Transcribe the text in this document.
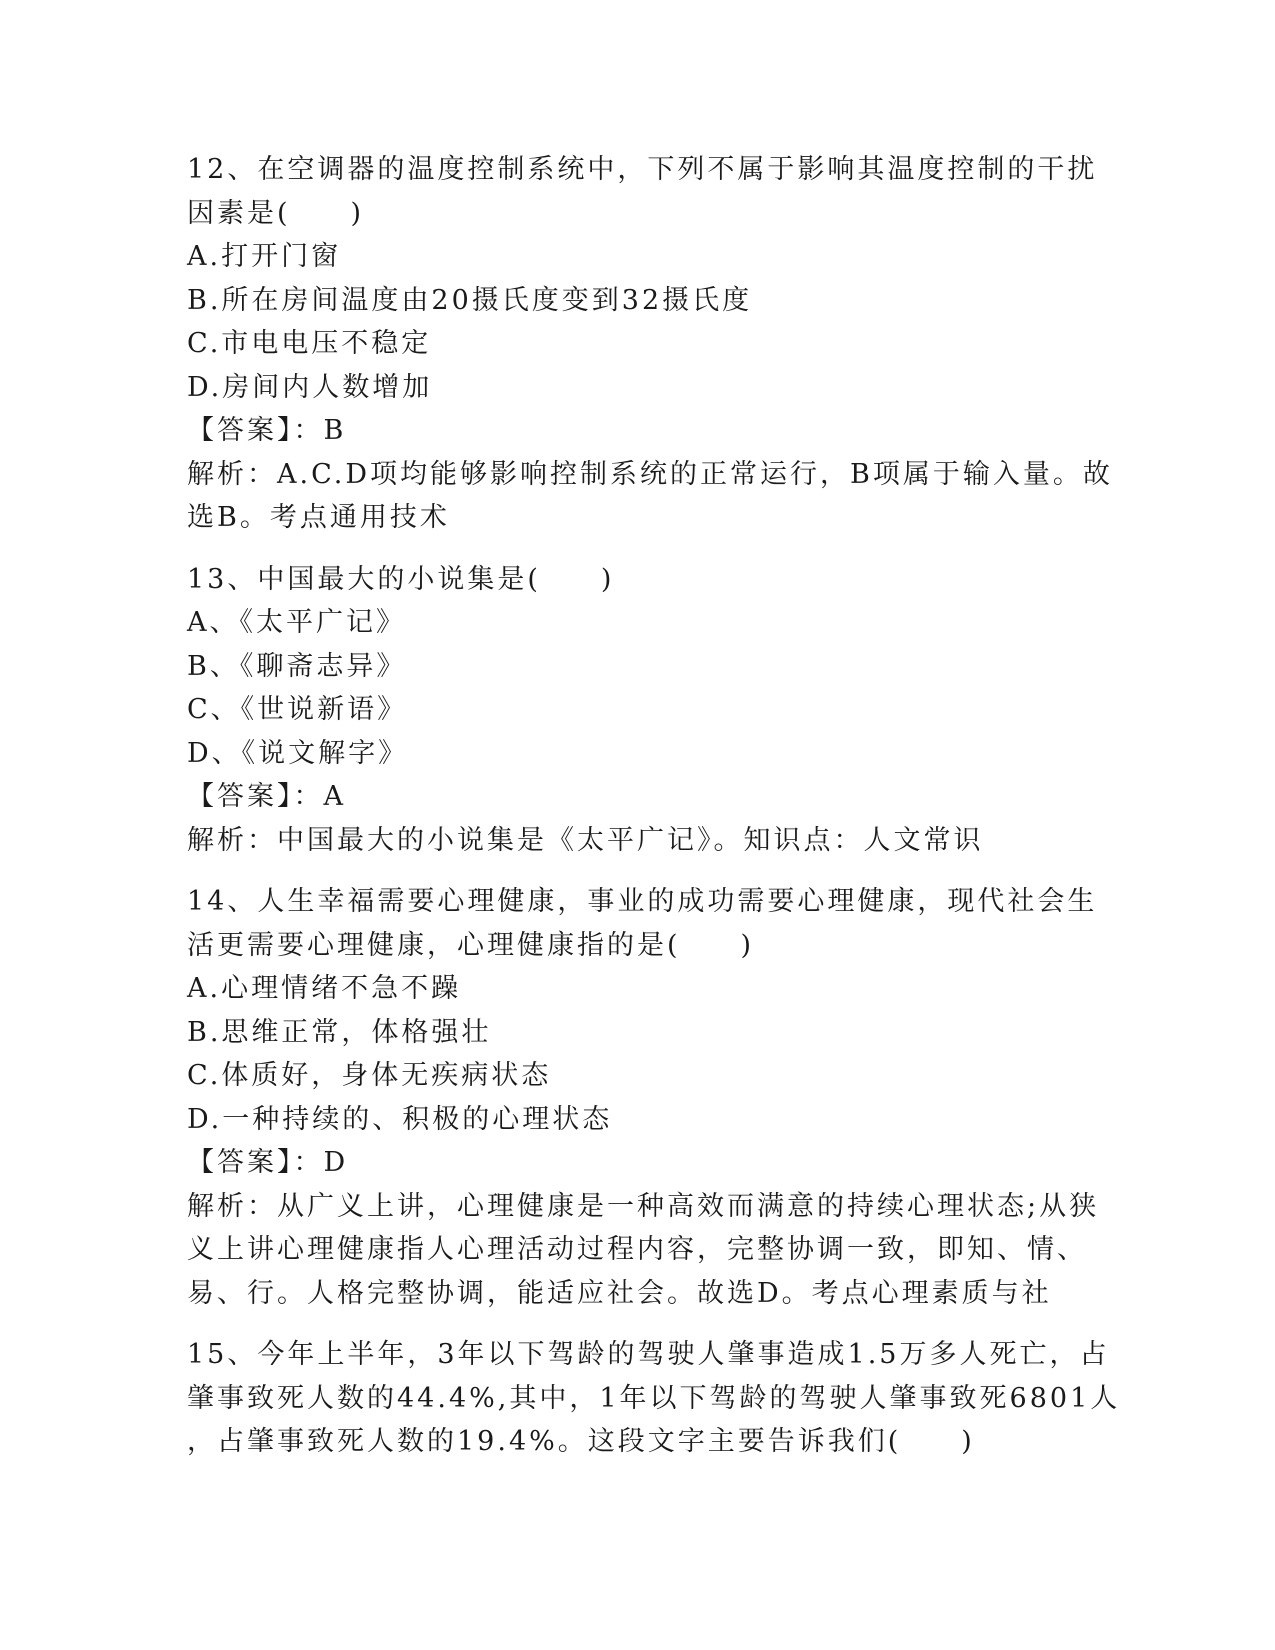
12、在空调器的温度控制系统中，下列不属于影响其温度控制的干扰
因素是(　　)
A.打开门窗
B.所在房间温度由20摄氏度变到32摄氏度
C.市电电压不稳定
D.房间内人数增加
【答案】：B
解析：A.C.D项均能够影响控制系统的正常运行，B项属于输入量。故
选B。考点通用技术
13、中国最大的小说集是(　　)
A、《太平广记》
B、《聊斋志异》
C、《世说新语》
D、《说文解字》
【答案】：A
解析：中国最大的小说集是《太平广记》。知识点：人文常识
14、人生幸福需要心理健康，事业的成功需要心理健康，现代社会生
活更需要心理健康，心理健康指的是(　　)
A.心理情绪不急不躁
B.思维正常，体格强壮
C.体质好，身体无疾病状态
D.一种持续的、积极的心理状态
【答案】：D
解析：从广义上讲，心理健康是一种高效而满意的持续心理状态;从狭
义上讲心理健康指人心理活动过程内容，完整协调一致，即知、情、
易、行。人格完整协调，能适应社会。故选D。考点心理素质与社
15、今年上半年，3年以下驾龄的驾驶人肇事造成1.5万多人死亡，占
肇事致死人数的44.4%,其中，1年以下驾龄的驾驶人肇事致死6801人
，占肇事致死人数的19.4%。这段文字主要告诉我们(　　)
